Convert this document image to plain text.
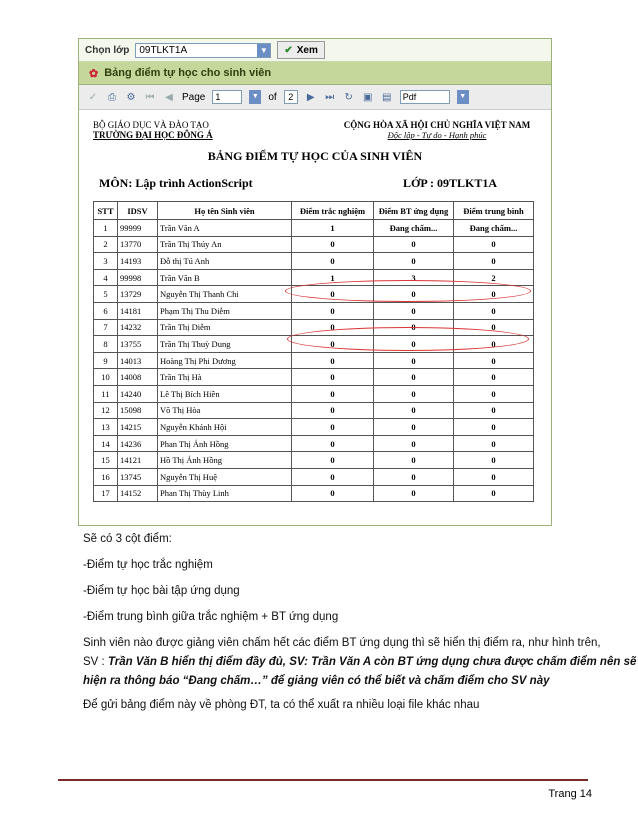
Chọn lớp 09TLKT1A	▼ ✔ Xem
✿ Bảng điểm tự học cho sinh viên
✓ ⎙ ⚙ ⏮ ◀ Page	1	▼ of	2	▶ ⏭ ↻ ▣ ▤	Pdf	▼
BỘ GIÁO DỤC VÀ ĐÀO TẠO
TRƯỜNG ĐẠI HỌC ĐÔNG Á
CỘNG HÒA XÃ HỘI CHỦ NGHĨA VIỆT NAM
Độc lập - Tự do - Hạnh phúc
BẢNG ĐIỂM TỰ HỌC CỦA SINH VIÊN
MÔN: Lập trình ActionScript	LỚP : 09TLKT1A
STT	IDSV	Họ tên Sinh viên	Điểm trắc nghiệm	Điểm BT ứng dụng	Điểm trung bình
1	99999	Trần Văn A	1	Đang chấm...	Đang chấm...
2	13770	Trần Thị Thúy An	0	0	0
3	14193	Đỗ thị Tú Anh	0	0	0
4	99998	Trần Văn B	1	3	2
5	13729	Nguyễn Thị Thanh Chi	0	0	0
6	14181	Phạm Thị Thu Diễm	0	0	0
7	14232	Trần Thị Diễm	0	0	0
8	13755	Trần Thị Thuỳ Dung	0	0	0
9	14013	Hoàng Thị Phi Dương	0	0	0
10	14008	Trần Thị Hà	0	0	0
11	14240	Lê Thị Bích Hiền	0	0	0
12	15098	Võ Thị Hòa	0	0	0
13	14215	Nguyễn Khánh Hội	0	0	0
14	14236	Phan Thị Ánh Hồng	0	0	0
15	14121	Hồ Thị Ánh Hồng	0	0	0
16	13745	Nguyễn Thị Huệ	0	0	0
17	14152	Phan Thị Thùy Linh	0	0	0
Sẽ có 3 cột điểm:
-Điểm tự học trắc nghiệm
-Điểm tự học bài tập ứng dụng
-Điểm trung bình giữa trắc nghiệm + BT ứng dụng
Sinh viên nào được giảng viên chấm hết các điểm BT ứng dụng thì sẽ hiển thị điểm ra, như hình trên,
SV : Trần Văn B hiển thị điểm đầy đủ, SV: Trần Văn A còn BT ứng dụng chưa được chấm điểm nên sẽ
hiện ra thông báo “Đang chấm…” để giảng viên có thể biết và chấm điểm cho SV này
Để gửi bảng điểm này về phòng ĐT, ta có thể xuất ra nhiều loại file khác nhau
Trang 14
